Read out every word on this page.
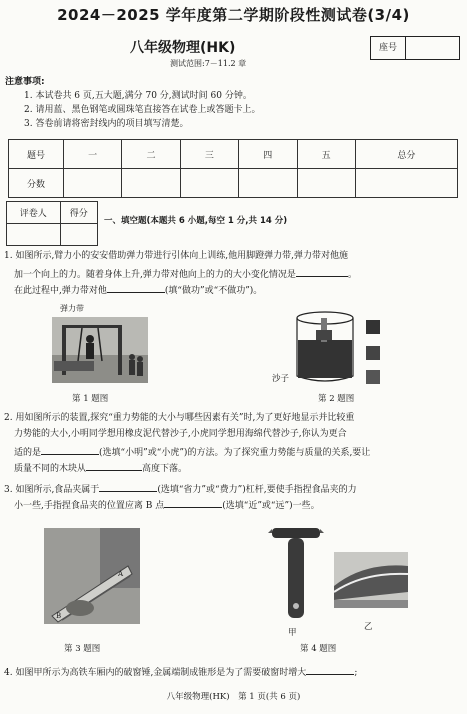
2024－2025 学年度第二学期阶段性测试卷(3/4)
八年级物理(HK)	座号
测试范围:7－11.2 章
注意事项:
1. 本试卷共 6 页,五大题,满分 70 分,测试时间 60 分钟。
2. 请用蓝、黑色钢笔或圆珠笔直接答在试卷上或答题卡上。
3. 答卷前请将密封线内的项目填写清楚。
题号	一	二	三	四	五	总分
分数						
评卷人	得分

一、填空题(本题共 6 小题,每空 1 分,共 14 分)
1. 如图所示,臂力小的安安借助弹力带进行引体向上训练,他用脚蹬弹力带,弹力带对他施
加一个向上的力。随着身体上升,弹力带对他向上的力的大小变化情况是	。
在此过程中,弹力带对他	(填“做功”或“不做功”)。
弹力带
第 1 题图
沙子
第 2 题图
2. 用如图所示的装置,探究“重力势能的大小与哪些因素有关”时,为了更好地显示并比较重
力势能的大小,小明同学想用橡皮泥代替沙子,小虎同学想用海绵代替沙子,你认为更合
适的是	(选填“小明”或“小虎”)的方法。为了探究重力势能与质量的关系,要让
质量不同的木块从	高度下落。
3. 如图所示,食品夹属于	(选填“省力”或“费力”)杠杆,要使手指捏食品夹的力
小一些,手指捏食品夹的位置应离 B 点	(选填“近”或“远”)一些。
A
B
第 3 题图
甲
乙
第 4 题图
4. 如图甲所示为高铁车厢内的破窗锤,金属端制成锥形是为了需要破窗时增大	;
八年级物理(HK)　第 1 页(共 6 页)
